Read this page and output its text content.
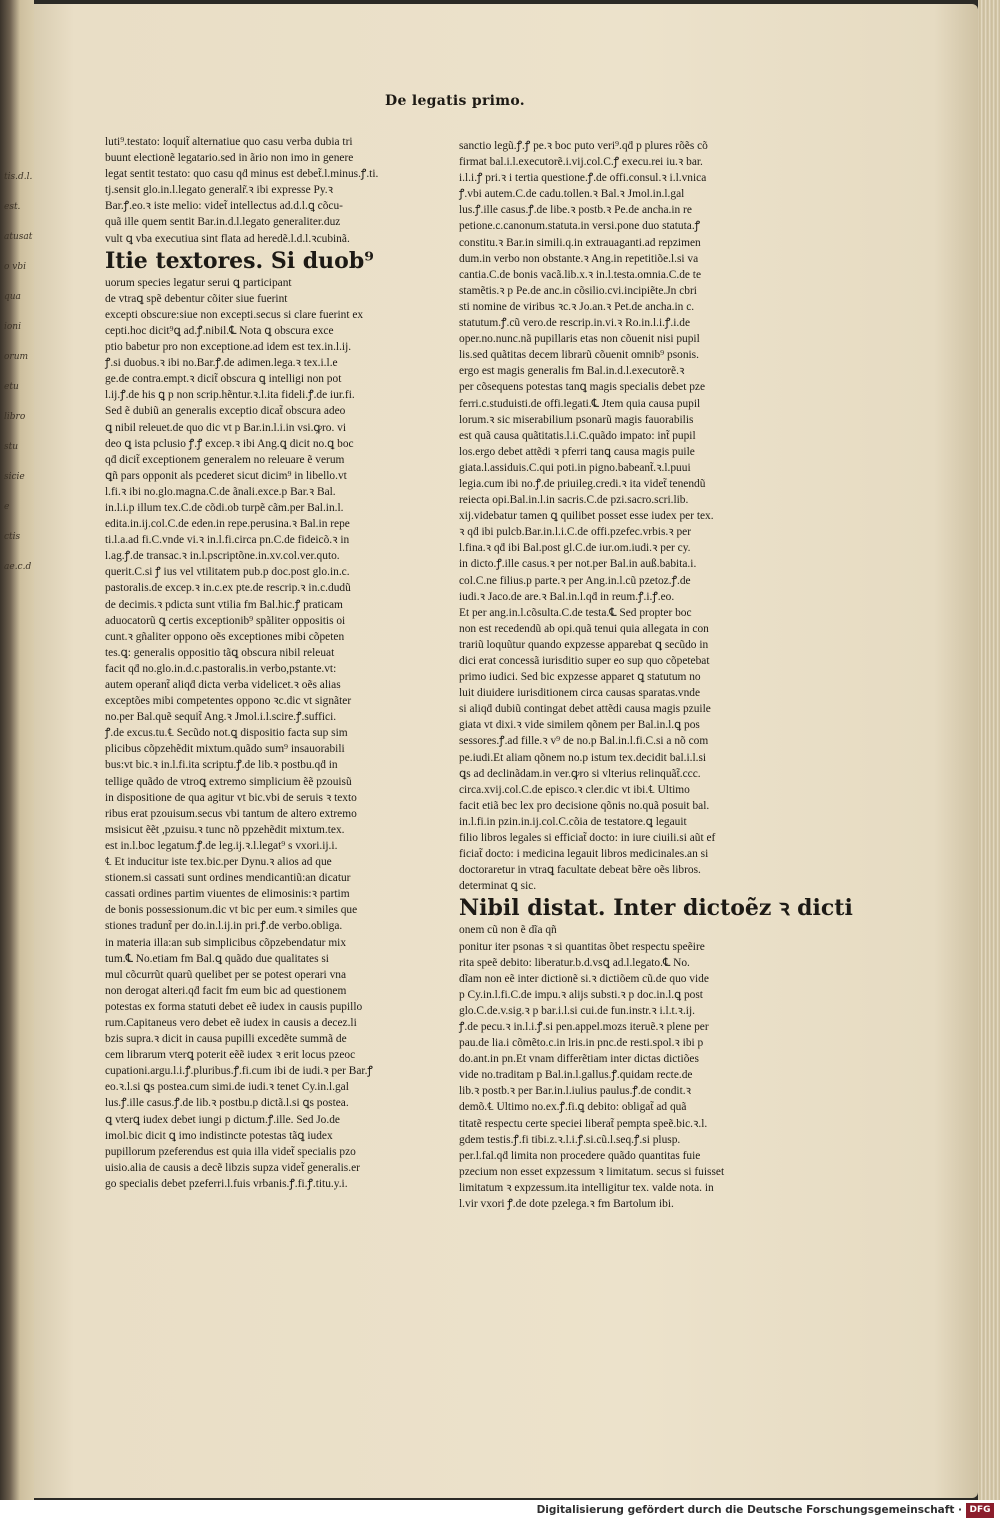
tis.d.l.
est.
atusat
o vbi
qua
ioni
orum
etu
libro
stu
sicie
e
ctis
ae.c.d
De legatis primo.
luti⁹.testato: loquit̃ alternatiue quo casu verba dubia tri
buunt electionẽ legatario.sed in ãrio non imo in genere
legat sentit testato: quo casu qḋ minus est debet̃.l.minus.ꝭ.ti.
tj.sensit glo.in.l.legato generalr̃.ꝛ ibi expresse Py.ꝛ
Bar.ꝭ.eo.ꝛ iste melio: videt̃ intellectus ad.d.l.ꝗ cõcu-
quã ille quem sentit Bar.in.d.l.legato generaliter.duz
vult ꝗ vba executiua sint flata ad heredẽ.l.d.l.ꝛcubinã.
Itie textores. Si duob⁹
uorum species legatur serui ꝗ participant
de vtraꝗ spẽ debentur cõiter siue fuerint
excepti obscure:siue non excepti.secus si clare fuerint ex
cepti.hoc dicit⁹ꝗ ad.ꝭ.nibil.℄ Nota ꝗ obscura exce
ptio babetur pro non exceptione.ad idem est tex.in.l.ij.
ꝭ.si duobus.ꝛ ibi no.Bar.ꝭ.de adimen.lega.ꝛ tex.i.l.e
ge.de contra.empt.ꝛ dicit̃ obscura ꝗ intelligi non pot
l.ij.ꝭ.de his ꝗ p non scrip.hẽntur.ꝛ.l.ita fideli.ꝭ.de iur.fi.
Sed ẽ dubiũ an generalis exceptio dicat̃ obscura adeo
ꝗ nibil releuet.de quo dic vt p Bar.in.l.i.in vsi.ꝙro. vi
deo ꝗ ista pclusio ꝭ.ꝭ excep.ꝛ ibi Ang.ꝗ dicit no.ꝗ boc
qḋ dicit̃ exceptionem generalem no releuare ẽ verum
ꝗñ pars opponit als pcederet sicut dicim⁹ in libello.vt
l.fi.ꝛ ibi no.glo.magna.C.de ãnali.exce.p Bar.ꝛ Bal.
in.l.i.p illum tex.C.de cõdi.ob turpẽ cãm.per Bal.in.l.
edita.in.ij.col.C.de eden.in repe.perusina.ꝛ Bal.in repe
ti.l.a.ad fi.C.vnde vi.ꝛ in.l.fi.circa pn.C.de fideicõ.ꝛ in
l.ag.ꝭ.de transac.ꝛ in.l.pscriptõne.in.xv.col.ver.quto.
querit.C.si ꝭ ius vel vtilitatem pub.p doc.post glo.in.c.
pastoralis.de excep.ꝛ in.c.ex pte.de rescrip.ꝛ in.c.dudũ
de decimis.ꝛ pdicta sunt vtilia fm Bal.hic.ꝭ praticam
aduocatorũ ꝗ certis exceptionib⁹ spãliter oppositis oi
cunt.ꝛ gñaliter oppono oẽs exceptiones mibi cõpeten
tes.ꝗ: generalis oppositio tãꝗ obscura nibil releuat
facit qḋ no.glo.in.d.c.pastoralis.in verbo,pstante.vt:
autem operant̃ aliqḋ dicta verba videlicet.ꝛ oẽs alias
exceptões mibi competentes oppono ꝛc.dic vt signãter
no.per Bal.quẽ sequit̃ Ang.ꝛ Jmol.i.l.scire.ꝭ.suffici.
ꝭ.de excus.tu.℄ Secũdo not.ꝗ dispositio facta sup sim
plicibus cõpzehẽdit mixtum.quãdo sum⁹ insauorabili
bus:vt bic.ꝛ in.l.fi.ita scriptu.ꝭ.de lib.ꝛ postbu.qḋ in
tellige quãdo de vtroꝗ extremo simplicium ẽẽ pzouisũ
in dispositione de qua agitur vt bic.vbi de seruis ꝛ texto
ribus erat pzouisum.secus vbi tantum de altero extremo
msisicut ẽẽt ,pzuisu.ꝛ tunc nõ ppzehẽdit mixtum.tex.
est in.l.boc legatum.ꝭ.de leg.ij.ꝛ.l.legat⁹ s vxori.ij.i.
℄ Et inducitur iste tex.bic.per Dynu.ꝛ alios ad que
stionem.si cassati sunt ordines mendicantiũ:an dicatur
cassati ordines partim viuentes de elimosinis:ꝛ partim
de bonis possessionum.dic vt bic per eum.ꝛ similes que
stiones tradunt̃ per do.in.l.ij.in pri.ꝭ.de verbo.obliga.
in materia illa:an sub simplicibus cõpzebendatur mix
tum.℄ No.etiam fm Bal.ꝗ quãdo due qualitates si
mul cõcurrũt quarũ quelibet per se potest operari vna
non derogat alteri.qḋ facit fm eum bic ad questionem
potestas ex forma statuti debet eẽ iudex in causis pupillo
rum.Capitaneus vero debet eẽ iudex in causis a decez.li
bzis supra.ꝛ dicit in causa pupilli excedẽte summã de
cem librarum vterꝗ poterit eẽẽ iudex ꝛ erit locus pzeoc
cupationi.argu.l.i.ꝭ.pluribus.ꝭ.fi.cum ibi de iudi.ꝛ per Bar.ꝭ
eo.ꝛ.l.si ꝗs postea.cum simi.de iudi.ꝛ tenet Cy.in.l.gal
lus.ꝭ.ille casus.ꝭ.de lib.ꝛ postbu.p dictã.l.si ꝗs postea.
ꝗ vterꝗ iudex debet iungi p dictum.ꝭ.ille. Sed Jo.de
imol.bic dicit ꝗ imo indistincte potestas tãꝗ iudex
pupillorum pzeferendus est quia illa videt̃ specialis pzo
uisio.alia de causis a decẽ libzis supza videt̃ generalis.er
go specialis debet pzeferri.l.fuis vrbanis.ꝭ.fi.ꝭ.titu.y.i.
sanctio legũ.ꝭ.ꝭ pe.ꝛ boc puto veri⁹.qḋ p plures rõẽs cõ
firmat bal.i.l.executorẽ.i.vij.col.C.ꝭ execu.rei iu.ꝛ bar.
i.l.i.ꝭ pri.ꝛ i tertia questione.ꝭ.de offi.consul.ꝛ i.l.vnica
ꝭ.vbi autem.C.de cadu.tollen.ꝛ Bal.ꝛ Jmol.in.l.gal
lus.ꝭ.ille casus.ꝭ.de libe.ꝛ postb.ꝛ Pe.de ancha.in re
petione.c.canonum.statuta.in versi.pone duo statuta.ꝭ
constitu.ꝛ Bar.in simili.q.in extrauaganti.ad repzimen
dum.in verbo non obstante.ꝛ Ang.in repetitiõe.l.si va
cantia.C.de bonis vacã.lib.x.ꝛ in.l.testa.omnia.C.de te
stamẽtis.ꝛ p Pe.de anc.in cõsilio.cvi.incipiẽte.Jn cbri
sti nomine de viribus ꝛc.ꝛ Jo.an.ꝛ Pet.de ancha.in c.
statutum.ꝭ.cũ vero.de rescrip.in.vi.ꝛ Ro.in.l.i.ꝭ.i.de
oper.no.nunc.nã pupillaris etas non cõuenit nisi pupil
lis.sed quãtitas decem librarũ cõuenit omnib⁹ psonis.
ergo est magis generalis fm Bal.in.d.l.executorẽ.ꝛ
per cõsequens potestas tanꝗ magis specialis debet pze
ferri.c.studuisti.de offi.legati.℄ Jtem quia causa pupil
lorum.ꝛ sic miserabilium psonarũ magis fauorabilis
est quã causa quãtitatis.l.i.C.quãdo impato: int̃ pupil
los.ergo debet attẽdi ꝛ pferri tanꝗ causa magis puile
giata.l.assiduis.C.qui poti.in pigno.babeant̃.ꝛ.l.puui
legia.cum ibi no.ꝭ.de priuileg.credi.ꝛ ita videt̃ tenendũ
reiecta opi.Bal.in.l.in sacris.C.de pzi.sacro.scri.lib.
xij.videbatur tamen ꝗ quilibet posset esse iudex per tex.
ꝛ qḋ ibi pulcb.Bar.in.l.i.C.de offi.pzefec.vrbis.ꝛ per
l.fina.ꝛ qḋ ibi Bal.post gl.C.de iur.om.iudi.ꝛ per cy.
in dicto.ꝭ.ille casus.ꝛ per not.per Bal.in auß.babita.i.
col.C.ne filius.p parte.ꝛ per Ang.in.l.cũ pzetoz.ꝭ.de
iudi.ꝛ Jaco.de are.ꝛ Bal.in.l.qḋ in reum.ꝭ.i.ꝭ.eo.
Et per ang.in.l.cõsulta.C.de testa.℄ Sed propter boc
non est recedendũ ab opi.quã tenui quia allegata in con
trariũ loquũtur quando expzesse apparebat ꝗ secũdo in
dici erat concessã iurisditio super eo sup quo cõpetebat
primo iudici. Sed bic expzesse apparet ꝗ statutum no
luit diuidere iurisditionem circa causas sparatas.vnde
si aliqḋ dubiũ contingat debet attẽdi causa magis pzuile
giata vt dixi.ꝛ vide similem qõnem per Bal.in.l.ꝗ pos
sessores.ꝭ.ad fille.ꝛ v⁹ de no.p Bal.in.l.fi.C.si a nõ com
pe.iudi.Et aliam qõnem no.p istum tex.decidit bal.i.l.si
ꝗs ad declinãdam.in ver.ꝙro si vlterius relinquãt̃.ccc.
circa.xvij.col.C.de episco.ꝛ cler.dic vt ibi.℄ Ultimo
facit etiã bec lex pro decisione qõnis no.quã posuit bal.
in.l.fi.in pzin.in.ij.col.C.cõia de testatore.ꝗ legauit
filio libros legales si efficiat̃ docto: in iure ciuili.si aũt ef
ficiat̃ docto: i medicina legauit libros medicinales.an si
doctoraretur in vtraꝗ facultate debeat bẽre oẽs libros.
determinat ꝗ sic.
Nibil distat. Inter dictoẽz ꝛ dicti
onem cũ non ẽ dĩa qñ
ponitur iter psonas ꝛ si quantitas õbet respectu speẽire
rita speẽ debito: liberatur.b.d.vsꝗ ad.l.legato.℄ No.
dĩam non eẽ inter dictionẽ si.ꝛ dictiõem cũ.de quo vide
p Cy.in.l.fi.C.de impu.ꝛ alijs substi.ꝛ p doc.in.l.ꝗ post
glo.C.de.v.sig.ꝛ p bar.i.l.si cui.de fun.instr.ꝛ i.l.t.ꝛ.ij.
ꝭ.de pecu.ꝛ in.l.i.ꝭ.si pen.appel.mozs iteruẽ.ꝛ plene per
pau.de lia.i cõmẽto.c.in lris.in pnc.de resti.spol.ꝛ ibi p
do.ant.in pn.Et vnam differẽtiam inter dictas dictiões
vide no.traditam p Bal.in.l.gallus.ꝭ.quidam recte.de
lib.ꝛ postb.ꝛ per Bar.in.l.iulius paulus.ꝭ.de condit.ꝛ
demõ.℄ Ultimo no.ex.ꝭ.fi.ꝗ debito: obligat̃ ad quã
titatẽ respectu certe speciei liberat̃ pempta speẽ.bic.ꝛ.l.
gdem testis.ꝭ.fi tibi.z.ꝛ.l.i.ꝭ.si.cũ.l.seq.ꝭ.si plusp.
per.l.fal.qḋ limita non procedere quãdo quantitas fuie
pzecium non esset expzessum ꝛ limitatum. secus si fuisset
limitatum ꝛ expzessum.ita intelligitur tex. valde nota. in
l.vir vxori ꝭ.de dote pzelega.ꝛ fm Bartolum ibi.
Digitalisierung gefördert durch die Deutsche Forschungsgemeinschaft · DFG
